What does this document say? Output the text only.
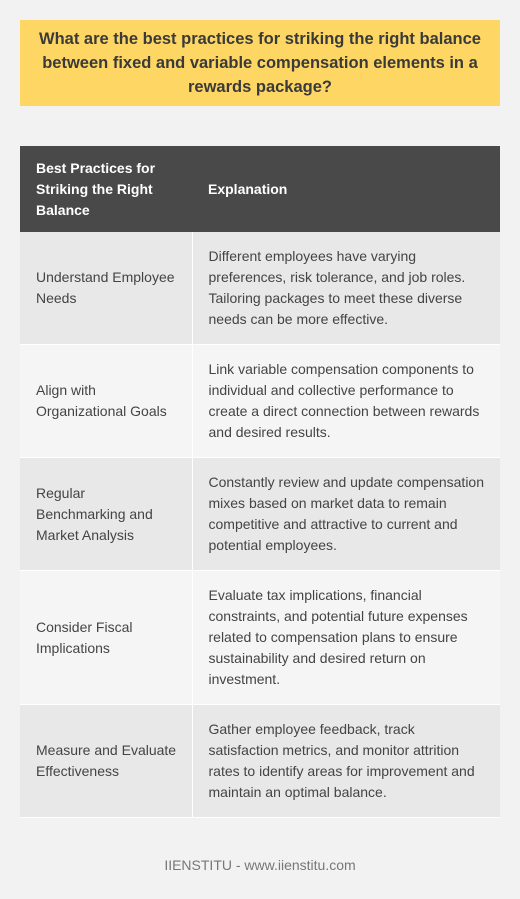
What are the best practices for striking the right balance between fixed and variable compensation elements in a rewards package?
Best Practices for Striking the Right Balance	Explanation
Understand Employee Needs	Different employees have varying preferences, risk tolerance, and job roles. Tailoring packages to meet these diverse needs can be more effective.
Align with Organizational Goals	Link variable compensation components to individual and collective performance to create a direct connection between rewards and desired results.
Regular Benchmarking and Market Analysis	Constantly review and update compensation mixes based on market data to remain competitive and attractive to current and potential employees.
Consider Fiscal Implications	Evaluate tax implications, financial constraints, and potential future expenses related to compensation plans to ensure sustainability and desired return on investment.
Measure and Evaluate Effectiveness	Gather employee feedback, track satisfaction metrics, and monitor attrition rates to identify areas for improvement and maintain an optimal balance.
IIENSTITU - www.iienstitu.com
